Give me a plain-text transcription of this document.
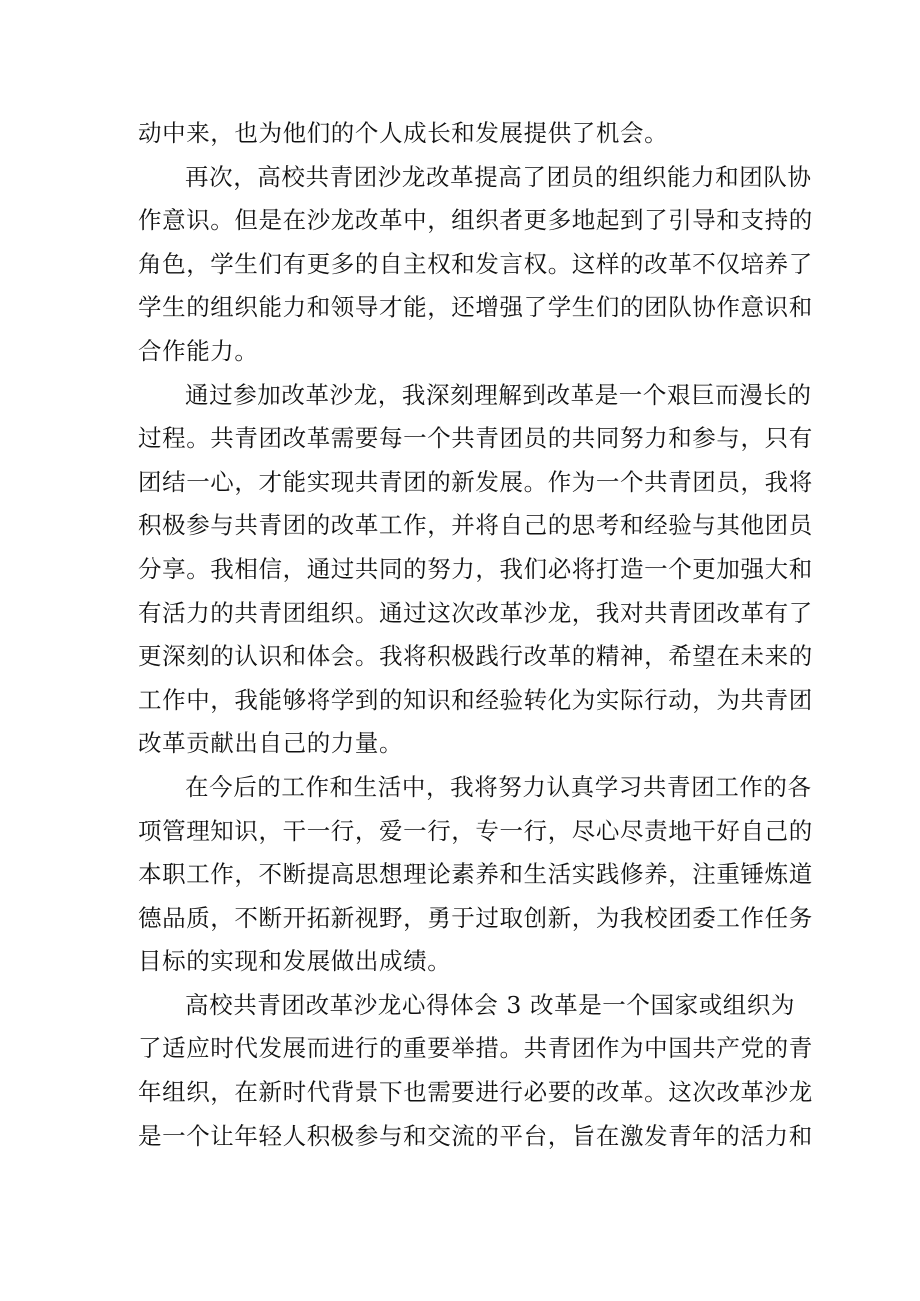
动中来，也为他们的个人成长和发展提供了机会。
再次，高校共青团沙龙改革提高了团员的组织能力和团队协
作意识。但是在沙龙改革中，组织者更多地起到了引导和支持的
角色，学生们有更多的自主权和发言权。这样的改革不仅培养了
学生的组织能力和领导才能，还增强了学生们的团队协作意识和
合作能力。
通过参加改革沙龙，我深刻理解到改革是一个艰巨而漫长的
过程。共青团改革需要每一个共青团员的共同努力和参与，只有
团结一心，才能实现共青团的新发展。作为一个共青团员，我将
积极参与共青团的改革工作，并将自己的思考和经验与其他团员
分享。我相信，通过共同的努力，我们必将打造一个更加强大和
有活力的共青团组织。通过这次改革沙龙，我对共青团改革有了
更深刻的认识和体会。我将积极践行改革的精神，希望在未来的
工作中，我能够将学到的知识和经验转化为实际行动，为共青团
改革贡献出自己的力量。
在今后的工作和生活中，我将努力认真学习共青团工作的各
项管理知识，干一行，爱一行，专一行，尽心尽责地干好自己的
本职工作，不断提高思想理论素养和生活实践修养，注重锤炼道
德品质，不断开拓新视野，勇于过取创新，为我校团委工作任务
目标的实现和发展做出成绩。
高校共青团改革沙龙心得体会 3 改革是一个国家或组织为
了适应时代发展而进行的重要举措。共青团作为中国共产党的青
年组织，在新时代背景下也需要进行必要的改革。这次改革沙龙
是一个让年轻人积极参与和交流的平台，旨在激发青年的活力和
